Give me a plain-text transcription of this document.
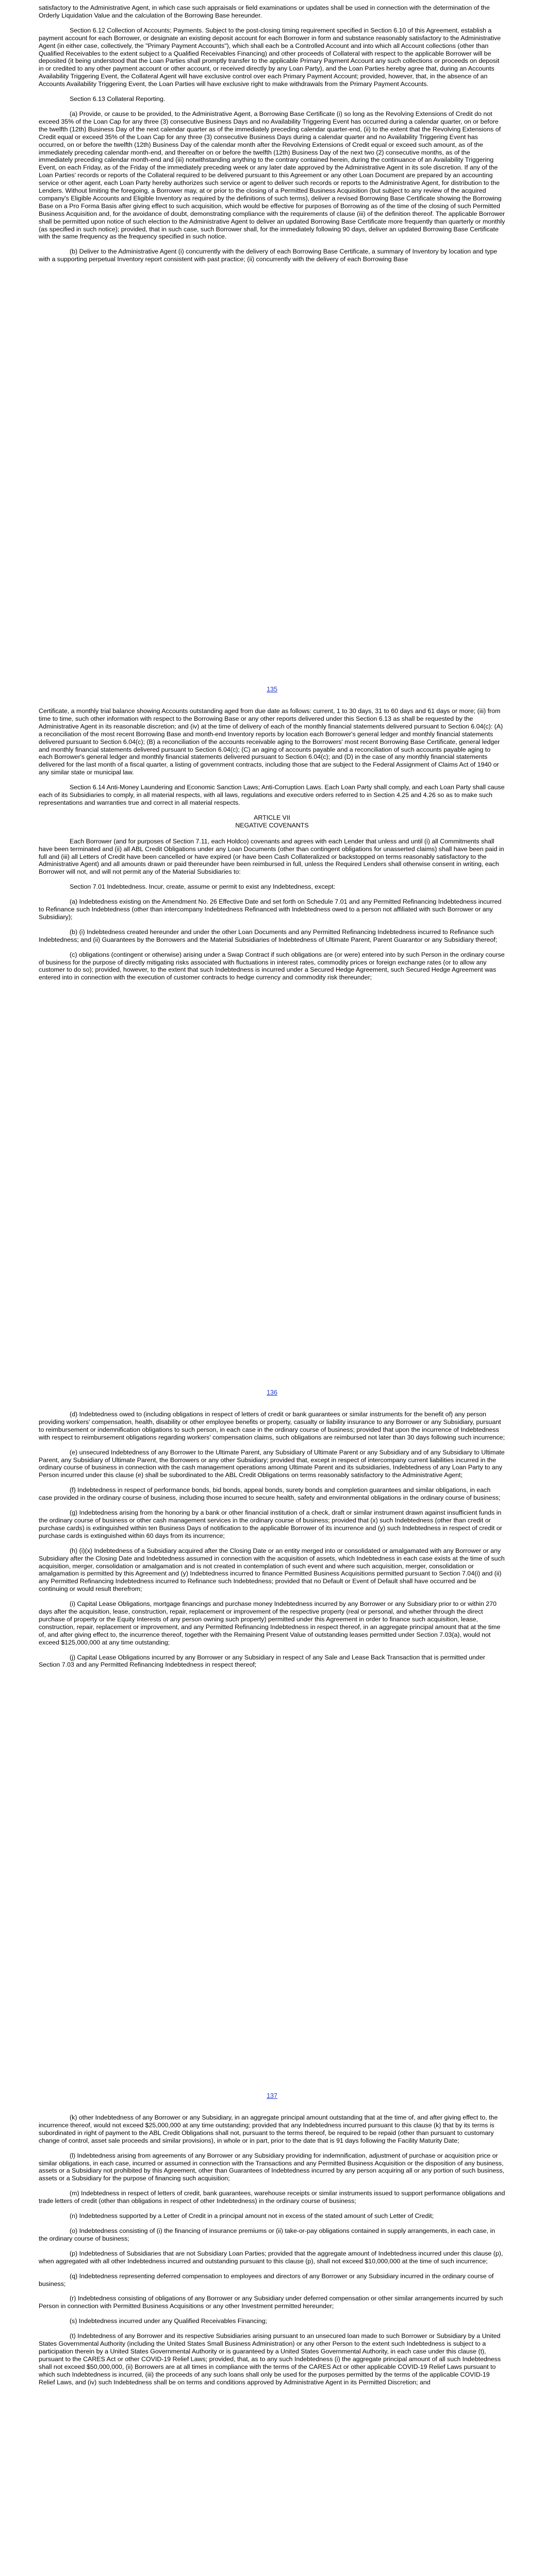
satisfactory to the Administrative Agent, in which case such appraisals or field examinations or updates shall be used in connection with the determination of the Orderly Liquidation Value and the calculation of the Borrowing Base hereunder.

Section 6.12 Collection of Accounts; Payments. Subject to the post-closing timing requirement specified in Section 6.10 of this Agreement, establish a payment account for each Borrower, or designate an existing deposit account for each Borrower in form and substance reasonably satisfactory to the Administrative Agent (in either case, collectively, the "Primary Payment Accounts"), which shall each be a Controlled Account and into which all Account collections (other than Qualified Receivables to the extent subject to a Qualified Receivables Financing) and other proceeds of Collateral with respect to the applicable Borrower will be deposited (it being understood that the Loan Parties shall promptly transfer to the applicable Primary Payment Account any such collections or proceeds on deposit in or credited to any other payment account or other account, or received directly by any Loan Party), and the Loan Parties hereby agree that, during an Accounts Availability Triggering Event, the Collateral Agent will have exclusive control over each Primary Payment Account; provided, however, that, in the absence of an Accounts Availability Triggering Event, the Loan Parties will have exclusive right to make withdrawals from the Primary Payment Accounts.

Section 6.13 Collateral Reporting.

(a) Provide, or cause to be provided, to the Administrative Agent, a Borrowing Base Certificate (i) so long as the Revolving Extensions of Credit do not exceed 35% of the Loan Cap for any three (3) consecutive Business Days and no Availability Triggering Event has occurred during a calendar quarter, on or before the twelfth (12th) Business Day of the next calendar quarter as of the immediately preceding calendar quarter-end, (ii) to the extent that the Revolving Extensions of Credit equal or exceed 35% of the Loan Cap for any three (3) consecutive Business Days during a calendar quarter and no Availability Triggering Event has occurred, on or before the twelfth (12th) Business Day of the calendar month after the Revolving Extensions of Credit equal or exceed such amount, as of the immediately preceding calendar month-end, and thereafter on or before the twelfth (12th) Business Day of the next two (2) consecutive months, as of the immediately preceding calendar month-end and (iii) notwithstanding anything to the contrary contained herein, during the continuance of an Availability Triggering Event, on each Friday, as of the Friday of the immediately preceding week or any later date approved by the Administrative Agent in its sole discretion. If any of the Loan Parties' records or reports of the Collateral required to be delivered pursuant to this Agreement or any other Loan Document are prepared by an accounting service or other agent, each Loan Party hereby authorizes such service or agent to deliver such records or reports to the Administrative Agent, for distribution to the Lenders. Without limiting the foregoing, a Borrower may, at or prior to the closing of a Permitted Business Acquisition (but subject to any review of the acquired company's Eligible Accounts and Eligible Inventory as required by the definitions of such terms), deliver a revised Borrowing Base Certificate showing the Borrowing Base on a Pro Forma Basis after giving effect to such acquisition, which would be effective for purposes of Borrowing as of the time of the closing of such Permitted Business Acquisition and, for the avoidance of doubt, demonstrating compliance with the requirements of clause (iii) of the definition thereof. The applicable Borrower shall be permitted upon notice of such election to the Administrative Agent to deliver an updated Borrowing Base Certificate more frequently than quarterly or monthly (as specified in such notice); provided, that in such case, such Borrower shall, for the immediately following 90 days, deliver an updated Borrowing Base Certificate with the same frequency as the frequency specified in such notice.

(b) Deliver to the Administrative Agent (i) concurrently with the delivery of each Borrowing Base Certificate, a summary of Inventory by location and type with a supporting perpetual Inventory report consistent with past practice; (ii) concurrently with the delivery of each Borrowing Base

135

Certificate, a monthly trial balance showing Accounts outstanding aged from due date as follows: current, 1 to 30 days, 31 to 60 days and 61 days or more; (iii) from time to time, such other information with respect to the Borrowing Base or any other reports delivered under this Section 6.13 as shall be requested by the Administrative Agent in its reasonable discretion; and (iv) at the time of delivery of each of the monthly financial statements delivered pursuant to Section 6.04(c): (A) a reconciliation of the most recent Borrowing Base and month-end Inventory reports by location each Borrower's general ledger and monthly financial statements delivered pursuant to Section 6.04(c); (B) a reconciliation of the accounts receivable aging to the Borrowers' most recent Borrowing Base Certificate, general ledger and monthly financial statements delivered pursuant to Section 6.04(c); (C) an aging of accounts payable and a reconciliation of such accounts payable aging to each Borrower's general ledger and monthly financial statements delivered pursuant to Section 6.04(c); and (D) in the case of any monthly financial statements delivered for the last month of a fiscal quarter, a listing of government contracts, including those that are subject to the Federal Assignment of Claims Act of 1940 or any similar state or municipal law.

Section 6.14 Anti-Money Laundering and Economic Sanction Laws; Anti-Corruption Laws. Each Loan Party shall comply, and each Loan Party shall cause each of its Subsidiaries to comply, in all material respects, with all laws, regulations and executive orders referred to in Section 4.25 and 4.26 so as to make such representations and warranties true and correct in all material respects.

ARTICLE VII
NEGATIVE COVENANTS

Each Borrower (and for purposes of Section 7.11, each Holdco) covenants and agrees with each Lender that unless and until (i) all Commitments shall have been terminated and (ii) all ABL Credit Obligations under any Loan Documents (other than contingent obligations for unasserted claims) shall have been paid in full and (iii) all Letters of Credit have been cancelled or have expired (or have been Cash Collateralized or backstopped on terms reasonably satisfactory to the Administrative Agent) and all amounts drawn or paid thereunder have been reimbursed in full, unless the Required Lenders shall otherwise consent in writing, each Borrower will not, and will not permit any of the Material Subsidiaries to:

Section 7.01 Indebtedness. Incur, create, assume or permit to exist any Indebtedness, except:

(a) Indebtedness existing on the Amendment No. 26 Effective Date and set forth on Schedule 7.01 and any Permitted Refinancing Indebtedness incurred to Refinance such Indebtedness (other than intercompany Indebtedness Refinanced with Indebtedness owed to a person not affiliated with such Borrower or any Subsidiary);

(b) (i) Indebtedness created hereunder and under the other Loan Documents and any Permitted Refinancing Indebtedness incurred to Refinance such Indebtedness; and (ii) Guarantees by the Borrowers and the Material Subsidiaries of Indebtedness of Ultimate Parent, Parent Guarantor or any Subsidiary thereof;

(c) obligations (contingent or otherwise) arising under a Swap Contract if such obligations are (or were) entered into by such Person in the ordinary course of business for the purpose of directly mitigating risks associated with fluctuations in interest rates, commodity prices or foreign exchange rates (or to allow any customer to do so); provided, however, to the extent that such Indebtedness is incurred under a Secured Hedge Agreement, such Secured Hedge Agreement was entered into in connection with the execution of customer contracts to hedge currency and commodity risk thereunder;

136

(d) Indebtedness owed to (including obligations in respect of letters of credit or bank guarantees or similar instruments for the benefit of) any person providing workers' compensation, health, disability or other employee benefits or property, casualty or liability insurance to any Borrower or any Subsidiary, pursuant to reimbursement or indemnification obligations to such person, in each case in the ordinary course of business; provided that upon the incurrence of Indebtedness with respect to reimbursement obligations regarding workers' compensation claims, such obligations are reimbursed not later than 30 days following such incurrence;

(e) unsecured Indebtedness of any Borrower to the Ultimate Parent, any Subsidiary of Ultimate Parent or any Subsidiary and of any Subsidiary to Ultimate Parent, any Subsidiary of Ultimate Parent, the Borrowers or any other Subsidiary; provided that, except in respect of intercompany current liabilities incurred in the ordinary course of business in connection with the cash management operations among Ultimate Parent and its subsidiaries, Indebtedness of any Loan Party to any Person incurred under this clause (e) shall be subordinated to the ABL Credit Obligations on terms reasonably satisfactory to the Administrative Agent;

(f) Indebtedness in respect of performance bonds, bid bonds, appeal bonds, surety bonds and completion guarantees and similar obligations, in each case provided in the ordinary course of business, including those incurred to secure health, safety and environmental obligations in the ordinary course of business;

(g) Indebtedness arising from the honoring by a bank or other financial institution of a check, draft or similar instrument drawn against insufficient funds in the ordinary course of business or other cash management services in the ordinary course of business; provided that (x) such Indebtedness (other than credit or purchase cards) is extinguished within ten Business Days of notification to the applicable Borrower of its incurrence and (y) such Indebtedness in respect of credit or purchase cards is extinguished within 60 days from its incurrence;

(h) (i)(x) Indebtedness of a Subsidiary acquired after the Closing Date or an entity merged into or consolidated or amalgamated with any Borrower or any Subsidiary after the Closing Date and Indebtedness assumed in connection with the acquisition of assets, which Indebtedness in each case exists at the time of such acquisition, merger, consolidation or amalgamation and is not created in contemplation of such event and where such acquisition, merger, consolidation or amalgamation is permitted by this Agreement and (y) Indebtedness incurred to finance Permitted Business Acquisitions permitted pursuant to Section 7.04(i) and (ii) any Permitted Refinancing Indebtedness incurred to Refinance such Indebtedness; provided that no Default or Event of Default shall have occurred and be continuing or would result therefrom;

(i) Capital Lease Obligations, mortgage financings and purchase money Indebtedness incurred by any Borrower or any Subsidiary prior to or within 270 days after the acquisition, lease, construction, repair, replacement or improvement of the respective property (real or personal, and whether through the direct purchase of property or the Equity Interests of any person owning such property) permitted under this Agreement in order to finance such acquisition, lease, construction, repair, replacement or improvement, and any Permitted Refinancing Indebtedness in respect thereof, in an aggregate principal amount that at the time of, and after giving effect to, the incurrence thereof, together with the Remaining Present Value of outstanding leases permitted under Section 7.03(a), would not exceed $125,000,000 at any time outstanding;

(j) Capital Lease Obligations incurred by any Borrower or any Subsidiary in respect of any Sale and Lease Back Transaction that is permitted under Section 7.03 and any Permitted Refinancing Indebtedness in respect thereof;

137

(k) other Indebtedness of any Borrower or any Subsidiary, in an aggregate principal amount outstanding that at the time of, and after giving effect to, the incurrence thereof, would not exceed $25,000,000 at any time outstanding; provided that any Indebtedness incurred pursuant to this clause (k) that by its terms is subordinated in right of payment to the ABL Credit Obligations shall not, pursuant to the terms thereof, be required to be repaid (other than pursuant to customary change of control, asset sale proceeds and similar provisions), in whole or in part, prior to the date that is 91 days following the Facility Maturity Date;

(l) Indebtedness arising from agreements of any Borrower or any Subsidiary providing for indemnification, adjustment of purchase or acquisition price or similar obligations, in each case, incurred or assumed in connection with the Transactions and any Permitted Business Acquisition or the disposition of any business, assets or a Subsidiary not prohibited by this Agreement, other than Guarantees of Indebtedness incurred by any person acquiring all or any portion of such business, assets or a Subsidiary for the purpose of financing such acquisition;

(m) Indebtedness in respect of letters of credit, bank guarantees, warehouse receipts or similar instruments issued to support performance obligations and trade letters of credit (other than obligations in respect of other Indebtedness) in the ordinary course of business;

(n) Indebtedness supported by a Letter of Credit in a principal amount not in excess of the stated amount of such Letter of Credit;

(o) Indebtedness consisting of (i) the financing of insurance premiums or (ii) take-or-pay obligations contained in supply arrangements, in each case, in the ordinary course of business;

(p) Indebtedness of Subsidiaries that are not Subsidiary Loan Parties; provided that the aggregate amount of Indebtedness incurred under this clause (p), when aggregated with all other Indebtedness incurred and outstanding pursuant to this clause (p), shall not exceed $10,000,000 at the time of such incurrence;

(q) Indebtedness representing deferred compensation to employees and directors of any Borrower or any Subsidiary incurred in the ordinary course of business;

(r) Indebtedness consisting of obligations of any Borrower or any Subsidiary under deferred compensation or other similar arrangements incurred by such Person in connection with Permitted Business Acquisitions or any other Investment permitted hereunder;

(s) Indebtedness incurred under any Qualified Receivables Financing;

(t) Indebtedness of any Borrower and its respective Subsidiaries arising pursuant to an unsecured loan made to such Borrower or Subsidiary by a United States Governmental Authority (including the United States Small Business Administration) or any other Person to the extent such Indebtedness is subject to a participation therein by a United States Governmental Authority or is guaranteed by a United States Governmental Authority, in each case under this clause (t), pursuant to the CARES Act or other COVID-19 Relief Laws; provided, that, as to any such Indebtedness (i) the aggregate principal amount of all such Indebtedness shall not exceed $50,000,000, (ii) Borrowers are at all times in compliance with the terms of the CARES Act or other applicable COVID-19 Relief Laws pursuant to which such Indebtedness is incurred, (iii) the proceeds of any such loans shall only be used for the purposes permitted by the terms of the applicable COVID-19 Relief Laws, and (iv) such Indebtedness shall be on terms and conditions approved by Administrative Agent in its Permitted Discretion; and
